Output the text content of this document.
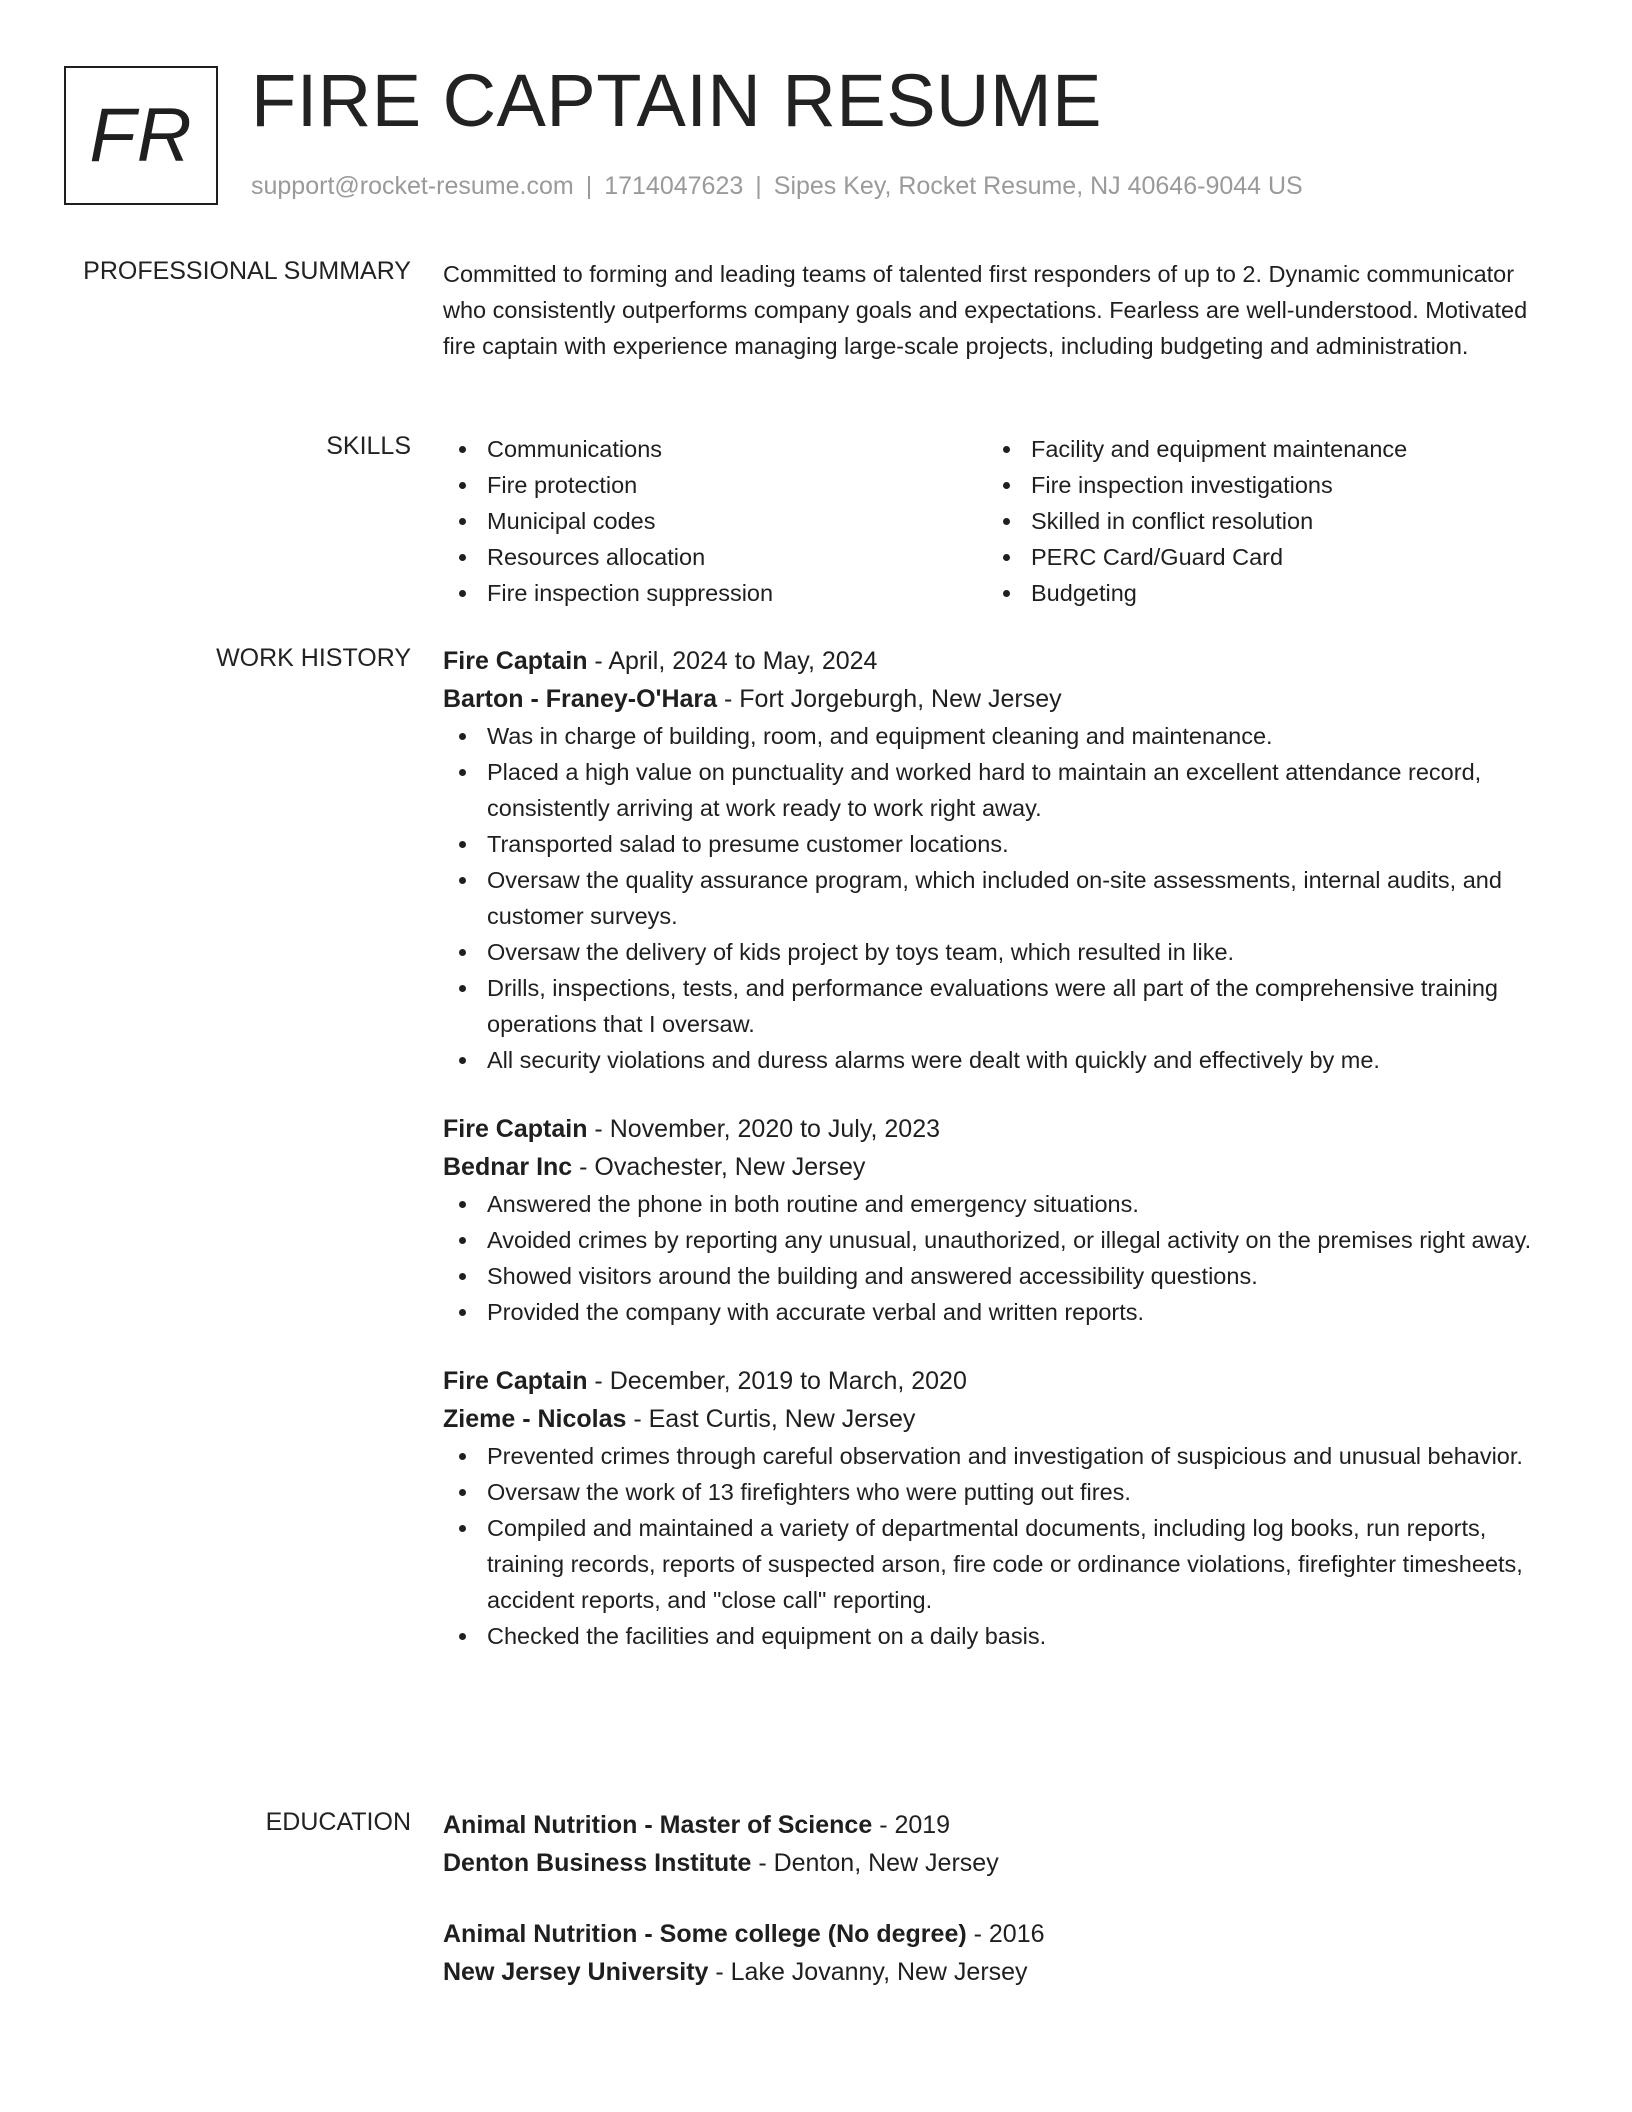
FR FIRE CAPTAIN RESUME
support@rocket-resume.com | 1714047623 | Sipes Key, Rocket Resume, NJ 40646-9044 US
PROFESSIONAL SUMMARY Committed to forming and leading teams of talented first responders of up to 2. Dynamic communicator who consistently outperforms company goals and expectations. Fearless are well-understood. Motivated fire captain with experience managing large-scale projects, including budgeting and administration.

SKILLS	Communications
Fire protection
Municipal codes
Resources allocation
Fire inspection suppression
Facility and equipment maintenance
Fire inspection investigations
Skilled in conflict resolution
PERC Card/Guard Card
Budgeting
WORK HISTORY Fire Captain - April, 2024 to May, 2024
Barton - Franey-O'Hara - Fort Jorgeburgh, New Jersey
Was in charge of building, room, and equipment cleaning and maintenance.
Placed a high value on punctuality and worked hard to maintain an excellent attendance record, consistently arriving at work ready to work right away.
Transported salad to presume customer locations.
Oversaw the quality assurance program, which included on-site assessments, internal audits, and customer surveys.
Oversaw the delivery of kids project by toys team, which resulted in like.
Drills, inspections, tests, and performance evaluations were all part of the comprehensive training operations that I oversaw.
All security violations and duress alarms were dealt with quickly and effectively by me.
Fire Captain - November, 2020 to July, 2023
Bednar Inc - Ovachester, New Jersey
Answered the phone in both routine and emergency situations.
Avoided crimes by reporting any unusual, unauthorized, or illegal activity on the premises right away.
Showed visitors around the building and answered accessibility questions.
Provided the company with accurate verbal and written reports.
Fire Captain - December, 2019 to March, 2020
Zieme - Nicolas - East Curtis, New Jersey
Prevented crimes through careful observation and investigation of suspicious and unusual behavior.
Oversaw the work of 13 firefighters who were putting out fires.
Compiled and maintained a variety of departmental documents, including log books, run reports, training records, reports of suspected arson, fire code or ordinance violations, firefighter timesheets, accident reports, and "close call" reporting.
Checked the facilities and equipment on a daily basis.
EDUCATION Animal Nutrition - Master of Science - 2019
Denton Business Institute - Denton, New Jersey
Animal Nutrition - Some college (No degree) - 2016
New Jersey University - Lake Jovanny, New Jersey
